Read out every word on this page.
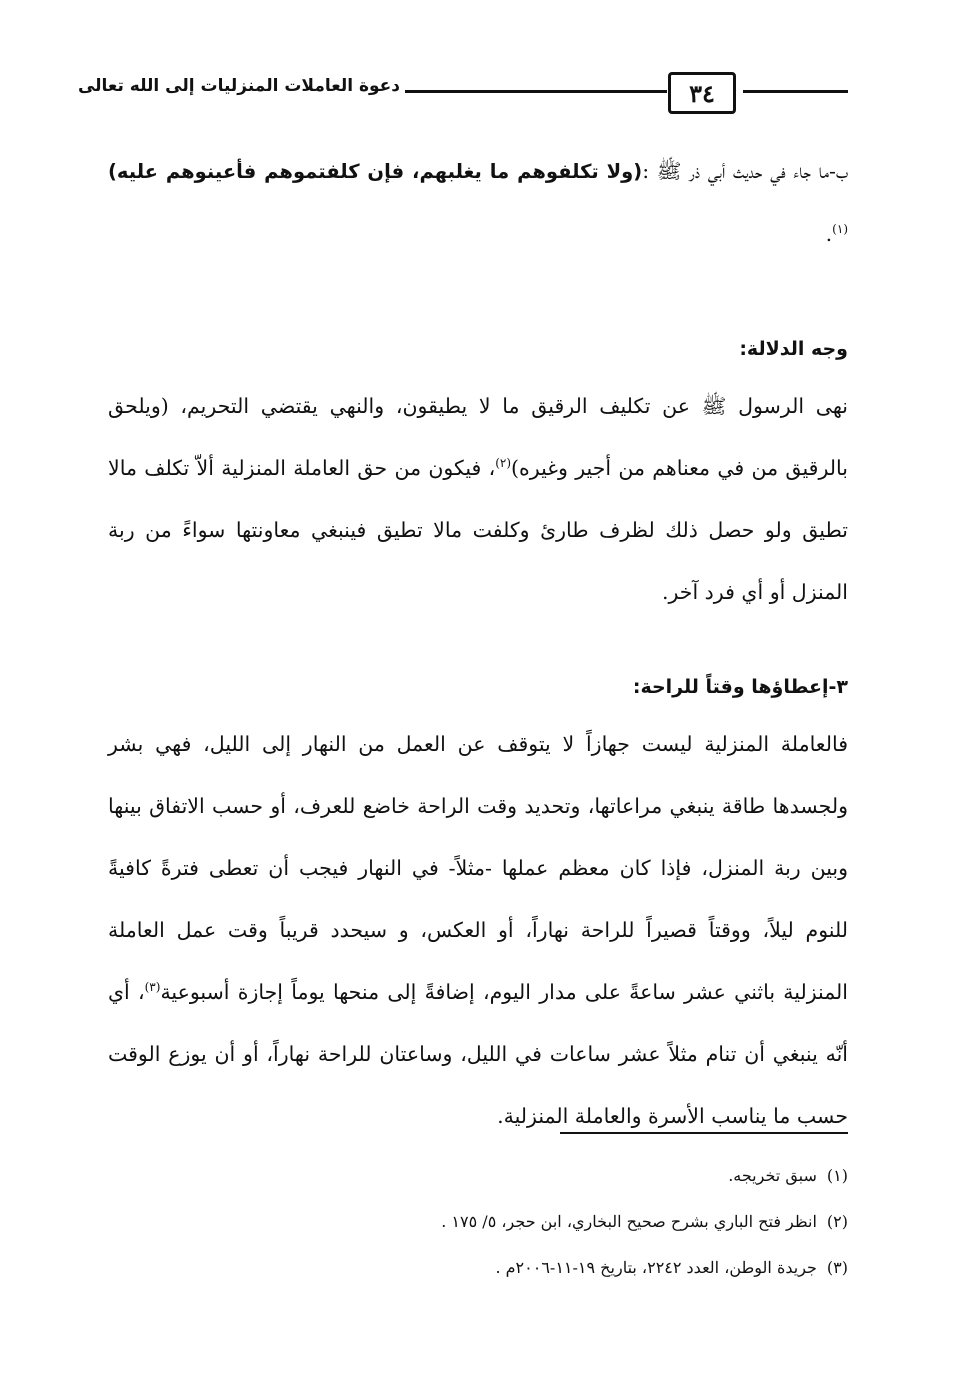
٣٤
دعوة العاملات المنزليات إلى الله تعالى

ب-ما جاء في حديث أبي ذر ﷺ :(ولا تكلفوهم ما يغلبهم، فإن كلفتموهم فأعينوهم عليه)$^{(١)}$.

وجه الدلالة:

نهى الرسول ﷺ عن تكليف الرقيق ما لا يطيقون، والنهي يقتضي التحريم، (ويلحق بالرقيق من في معناهم من أجير وغيره)$^{(٢)}$، فيكون من حق العاملة المنزلية ألاّ تكلف مالا تطيق ولو حصل ذلك لظرف طارئ وكلفت مالا تطيق فينبغي معاونتها سواءً من ربة المنزل أو أي فرد آخر.

٣-إعطاؤها وقتاً للراحة:

فالعاملة المنزلية ليست جهازاً لا يتوقف عن العمل من النهار إلى الليل، فهي بشر ولجسدها طاقة ينبغي مراعاتها، وتحديد وقت الراحة خاضع للعرف، أو حسب الاتفاق بينها وبين ربة المنزل، فإذا كان معظم عملها -مثلاً- في النهار فيجب أن تعطى فترةً كافيةً للنوم ليلاً، ووقتاً قصيراً للراحة نهاراً، أو العكس، و سيحدد قريباً وقت عمل العاملة المنزلية باثني عشر ساعةً على مدار اليوم، إضافةً إلى منحها يوماً إجازة أسبوعية$^{(٣)}$، أي أنّه ينبغي أن تنام مثلاً عشر ساعات في الليل، وساعتان للراحة نهاراً، أو أن يوزع الوقت حسب ما يناسب الأسرة والعاملة المنزلية.

(١)سبق تخريجه.

(٢)انظر فتح الباري بشرح صحيح البخاري، ابن حجر، ٥/ ١٧٥ .

(٣)جريدة الوطن، العدد ٢٢٤٢، بتاريخ ١٩-١١-٢٠٠٦م .
